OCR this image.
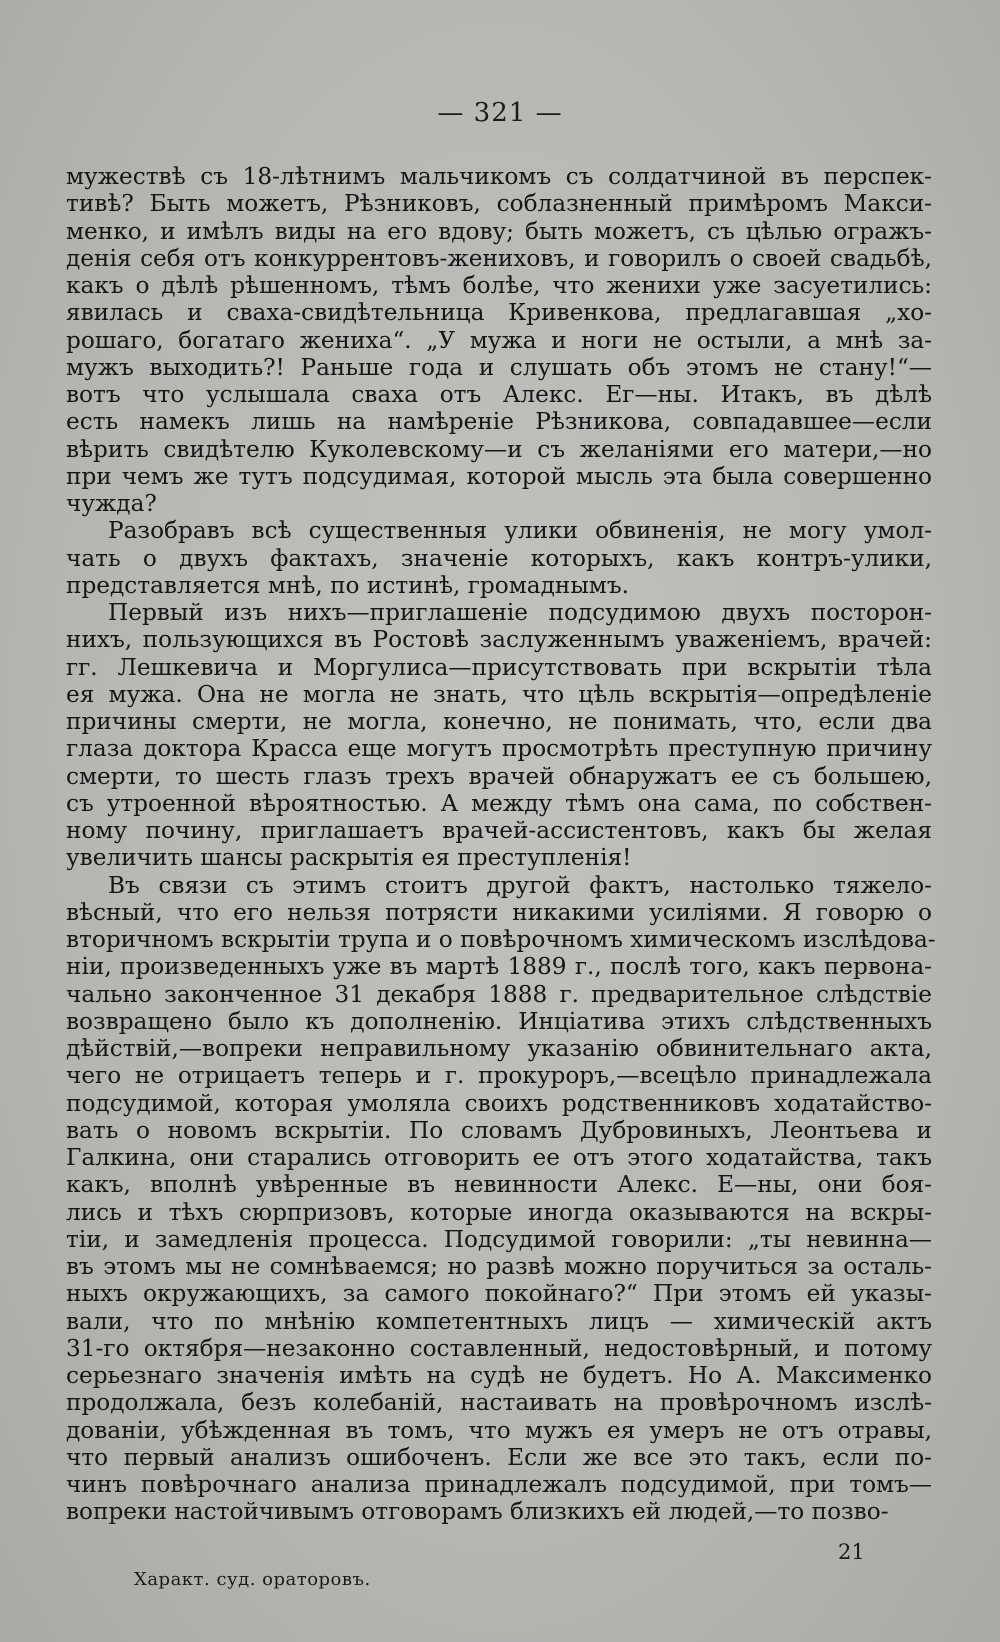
— 321 —

мужествѣ съ 18-лѣтнимъ мальчикомъ съ солдатчиной въ перспек-
тивѣ? Быть можетъ, Рѣзниковъ, соблазненный примѣромъ Макси-
менко, и имѣлъ виды на его вдову; быть можетъ, съ цѣлью огражъ-
денія себя отъ конкуррентовъ-жениховъ, и говорилъ о своей свадьбѣ,
какъ о дѣлѣ рѣшенномъ, тѣмъ болѣе, что женихи уже засуетились:
явилась и сваха-свидѣтельница Кривенкова, предлагавшая „хо-
рошаго, богатаго жениха“. „У мужа и ноги не остыли, а мнѣ за-
мужъ выходить?! Раньше года и слушать объ этомъ не стану!“—
вотъ что услышала сваха отъ Алекс. Ег—ны. Итакъ, въ дѣлѣ
есть намекъ лишь на намѣреніе Рѣзникова, совпадавшее—если
вѣрить свидѣтелю Куколевскому—и съ желаніями его матери,—но
при чемъ же тутъ подсудимая, которой мысль эта была совершенно
чужда?

Разобравъ всѣ существенныя улики обвиненія, не могу умол-
чать о двухъ фактахъ, значеніе которыхъ, какъ контръ-улики,
представляется мнѣ, по истинѣ, громаднымъ.

Первый изъ нихъ—приглашеніе подсудимою двухъ посторон-
нихъ, пользующихся въ Ростовѣ заслуженнымъ уваженіемъ, врачей:
гг. Лешкевича и Моргулиса—присутствовать при вскрытіи тѣла
ея мужа. Она не могла не знать, что цѣль вскрытія—опредѣленіе
причины смерти, не могла, конечно, не понимать, что, если два
глаза доктора Красса еще могутъ просмотрѣть преступную причину
смерти, то шесть глазъ трехъ врачей обнаружатъ ее съ большею,
съ утроенной вѣроятностью. А между тѣмъ она сама, по собствен-
ному почину, приглашаетъ врачей-ассистентовъ, какъ бы желая
увеличить шансы раскрытія ея преступленія!

Въ связи съ этимъ стоитъ другой фактъ, настолько тяжело-
вѣсный, что его нельзя потрясти никакими усиліями. Я говорю о
вторичномъ вскрытіи трупа и о повѣрочномъ химическомъ изслѣдова-
ніи, произведенныхъ уже въ мартѣ 1889 г., послѣ того, какъ первона-
чально законченное 31 декабря 1888 г. предварительное слѣдствіе
возвращено было къ дополненію. Инціатива этихъ слѣдственныхъ
дѣйствій,—вопреки неправильному указанію обвинительнаго акта,
чего не отрицаетъ теперь и г. прокуроръ,—всецѣло принадлежала
подсудимой, которая умоляла своихъ родственниковъ ходатайство-
вать о новомъ вскрытіи. По словамъ Дубровиныхъ, Леонтьева и
Галкина, они старались отговорить ее отъ этого ходатайства, такъ
какъ, вполнѣ увѣренные въ невинности Алекс. Е—ны, они боя-
лись и тѣхъ сюрпризовъ, которые иногда оказываются на вскры-
тіи, и замедленія процесса. Подсудимой говорили: „ты невинна—
въ этомъ мы не сомнѣваемся; но развѣ можно поручиться за осталь-
ныхъ окружающихъ, за самого покойнаго?“ При этомъ ей указы-
вали, что по мнѣнію компетентныхъ лицъ — химическій актъ
31-го октября—незаконно составленный, недостовѣрный, и потому
серьезнаго значенія имѣть на судѣ не будетъ. Но А. Максименко
продолжала, безъ колебаній, настаивать на провѣрочномъ изслѣ-
дованіи, убѣжденная въ томъ, что мужъ ея умеръ не отъ отравы,
что первый анализъ ошибоченъ. Если же все это такъ, если по-
чинъ повѣрочнаго анализа принадлежалъ подсудимой, при томъ—
вопреки настойчивымъ отговорамъ близкихъ ей людей,—то позво-

21
Характ. суд. ораторовъ.
